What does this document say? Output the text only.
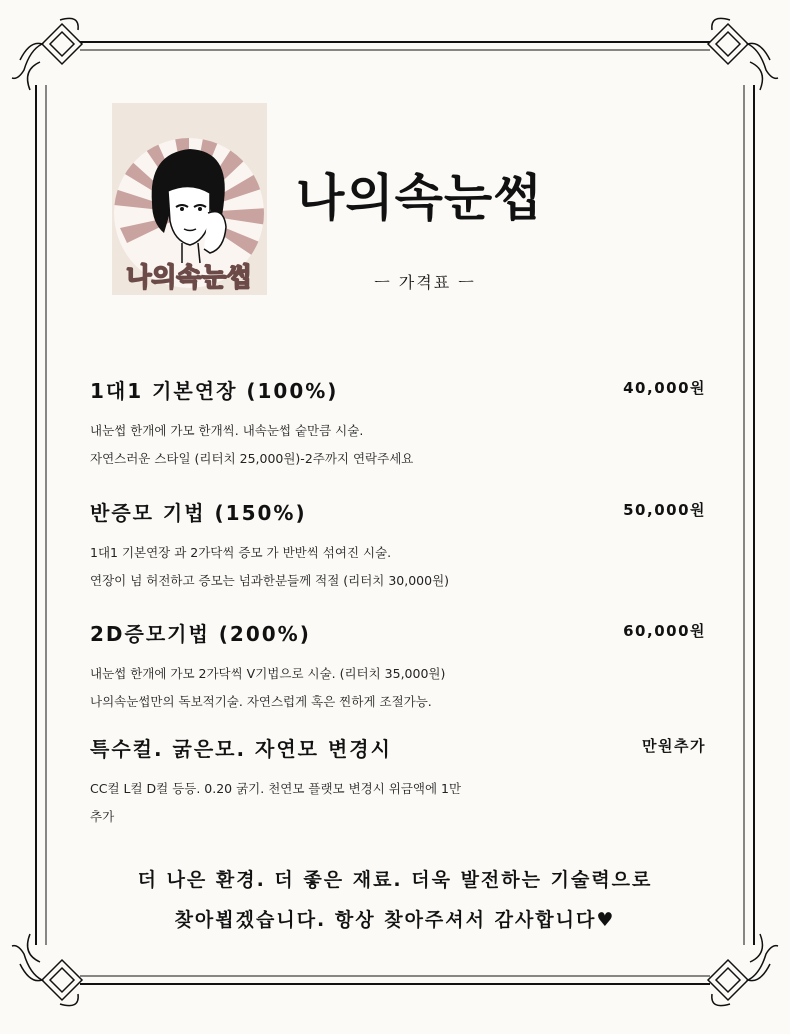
나의속눈썹
나의속눈썹
ㅡ 가격표 ㅡ
1대1 기본연장 (100%)	40,000원
내눈썹 한개에 가모 한개씩. 내속눈썹 숱만큼 시술.
자연스러운 스타일 (리터치 25,000원)-2주까지 연락주세요
반증모 기법 (150%)	50,000원
1대1 기본연장 과 2가닥씩 증모 가 반반씩 섞여진 시술.
연장이 넘 허전하고 증모는 넘과한분들께 적절 (리터치 30,000원)
2D증모기법 (200%)	60,000원
내눈썹 한개에 가모 2가닥씩 V기법으로 시술. (리터치 35,000원)
나의속눈썹만의 독보적기술. 자연스럽게 혹은 찐하게 조절가능.
특수컬. 굵은모. 자연모 변경시	만원추가
CC컬 L컬 D컬 등등. 0.20 굵기. 천연모 플랫모 변경시 위금액에 1만
추가
더 나은 환경. 더 좋은 재료. 더욱 발전하는 기술력으로
찾아뵙겠습니다. 항상 찾아주셔서 감사합니다♥
